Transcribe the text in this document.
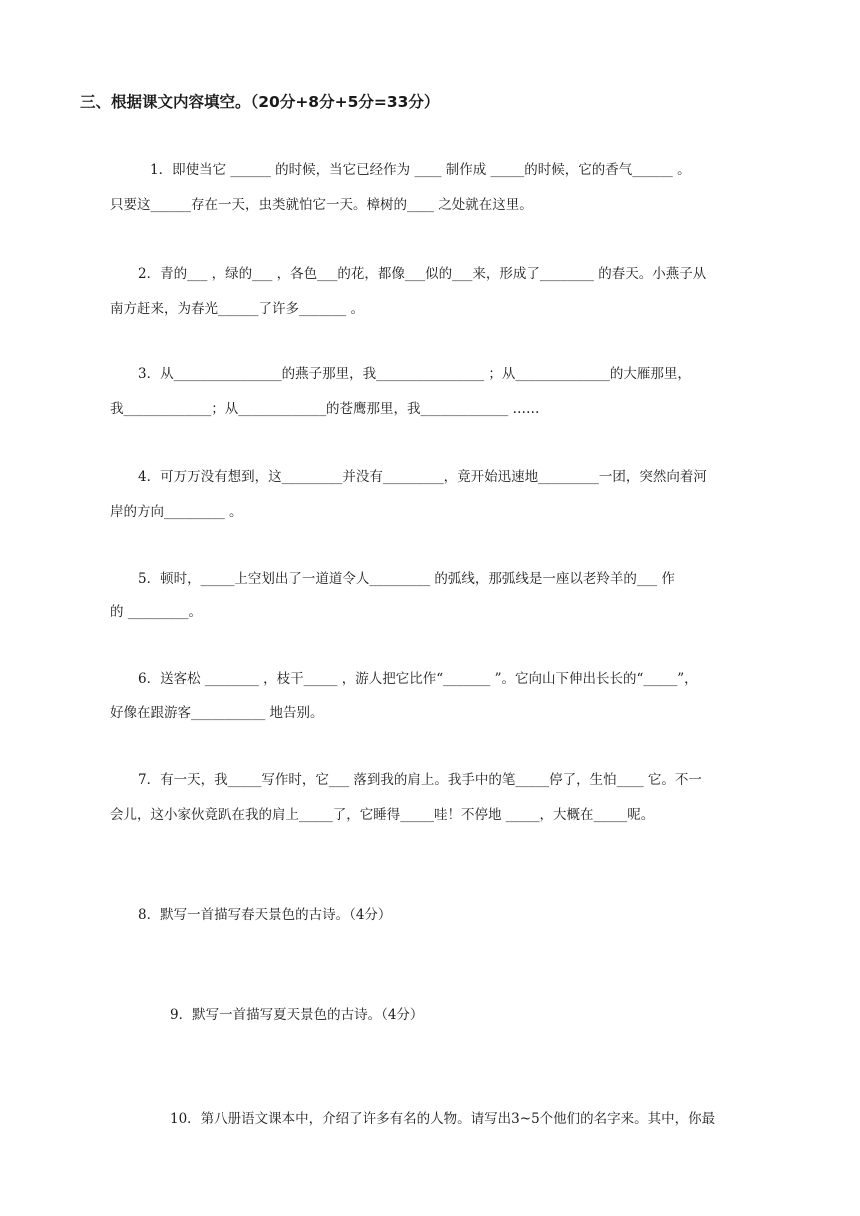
三、根据课文内容填空。（20分+8分+5分=33分）
1．即使当它 ______ 的时候，当它已经作为 ____ 制作成 _____的时候，它的香气______ 。
只要这______存在一天，虫类就怕它一天。樟树的____ 之处就在这里。
2．青的___ ，绿的___ ，各色___的花，都像___似的___来，形成了________ 的春天。小燕子从
南方赶来，为春光______了许多_______ 。
3．从________________的燕子那里，我________________ ；从______________的大雁那里，
我_____________；从_____________的苍鹰那里，我_____________ ……
4．可万万没有想到，这_________并没有_________，竟开始迅速地_________一团，突然向着河
岸的方向_________ 。
5．顿时，_____上空划出了一道道令人_________ 的弧线，那弧线是一座以老羚羊的___ 作
的 _________。
6．送客松 ________ ，枝干_____ ，游人把它比作“_______ ”。它向山下伸出长长的“_____”，
好像在跟游客___________ 地告别。
7．有一天，我_____写作时，它___ 落到我的肩上。我手中的笔_____停了，生怕____ 它。不一
会儿，这小家伙竟趴在我的肩上_____了，它睡得_____哇！不停地 _____，大概在_____呢。
8．默写一首描写春天景色的古诗。（4分）
9．默写一首描写夏天景色的古诗。（4分）
10．第八册语文课本中，介绍了许多有名的人物。请写出3~5个他们的名字来。其中，你最
